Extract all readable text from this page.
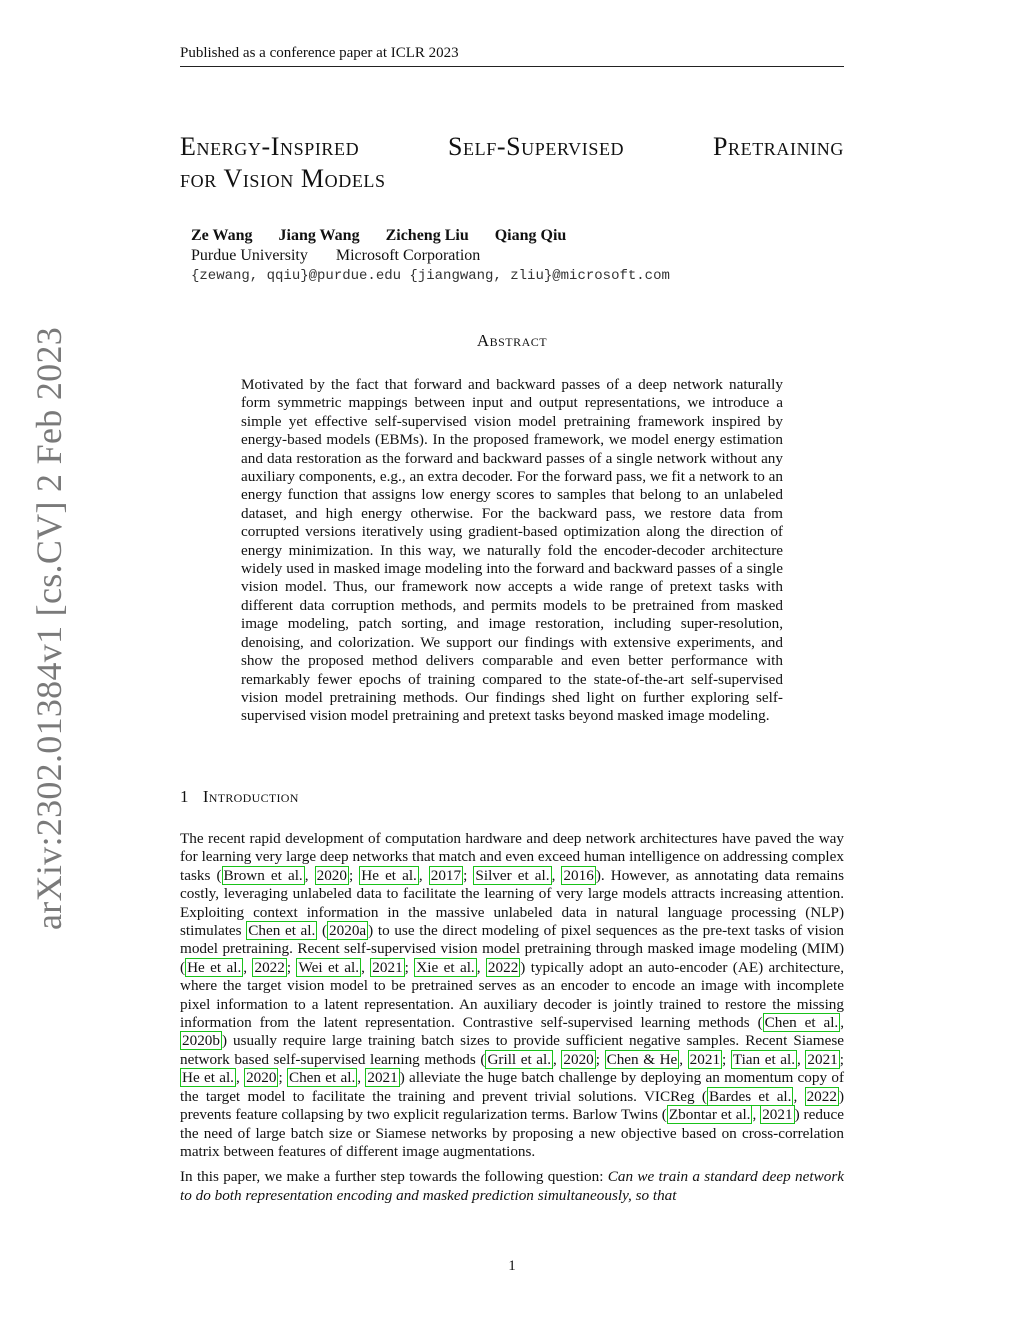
Published as a conference paper at ICLR 2023
arXiv:2302.01384v1 [cs.CV] 2 Feb 2023
Energy-Inspired	Self-Supervised	Pretraining
for Vision Models
Ze Wang Jiang Wang Zicheng Liu Qiang Qiu
Purdue University Microsoft Corporation
{zewang, qqiu}@purdue.edu {jiangwang, zliu}@microsoft.com
Abstract
Motivated by the fact that forward and backward passes of a deep network naturally form symmetric mappings between input and output representations, we introduce a simple yet effective self-supervised vision model pretraining framework inspired by energy-based models (EBMs). In the proposed framework, we model energy estimation and data restoration as the forward and backward passes of a single network without any auxiliary components, e.g., an extra decoder. For the forward pass, we fit a network to an energy function that assigns low energy scores to samples that belong to an unlabeled dataset, and high energy otherwise. For the backward pass, we restore data from corrupted versions iteratively using gradient-based optimization along the direction of energy minimization. In this way, we naturally fold the encoder-decoder architecture widely used in masked image modeling into the forward and backward passes of a single vision model. Thus, our framework now accepts a wide range of pretext tasks with different data corruption methods, and permits models to be pretrained from masked image modeling, patch sorting, and image restoration, including super-resolution, denoising, and colorization. We support our findings with extensive experiments, and show the proposed method delivers comparable and even better performance with remarkably fewer epochs of training compared to the state-of-the-art self-supervised vision model pretraining methods. Our findings shed light on further exploring self-supervised vision model pretraining and pretext tasks beyond masked image modeling.
1 Introduction

The recent rapid development of computation hardware and deep network architectures have paved the way for learning very large deep networks that match and even exceed human intelligence on addressing complex tasks ( Brown et al. , 2020 ; He et al. , 2017 ; Silver et al. , 2016 ). However, as annotating data remains costly, leveraging unlabeled data to facilitate the learning of very large models attracts increasing attention. Exploiting context information in the massive unlabeled data in natural language processing (NLP) stimulates Chen et al. ( 2020a ) to use the direct modeling of pixel sequences as the pre-text tasks of vision model pretraining. Recent self-supervised vision model pretraining through masked image modeling (MIM) ( He et al. , 2022 ; Wei et al. , 2021 ; Xie et al. , 2022 ) typically adopt an auto-encoder (AE) architecture, where the target vision model to be pretrained serves as an encoder to encode an image with incomplete pixel information to a latent representation. An auxiliary decoder is jointly trained to restore the missing information from the latent representation. Contrastive self-supervised learning methods ( Chen et al. , 2020b ) usually require large training batch sizes to provide sufficient negative samples. Recent Siamese network based self-supervised learning methods ( Grill et al. , 2020 ; Chen & He , 2021 ; Tian et al. , 2021 ; He et al. , 2020 ; Chen et al. , 2021 ) alleviate the huge batch challenge by deploying an momentum copy of the target model to facilitate the training and prevent trivial solutions. VICReg ( Bardes et al. , 2022 ) prevents feature collapsing by two explicit regularization terms. Barlow Twins ( Zbontar et al. , 2021 ) reduce the need of large batch size or Siamese networks by proposing a new objective based on cross-correlation matrix between features of different image augmentations.

In this paper, we make a further step towards the following question: Can we train a standard deep network to do both representation encoding and masked prediction simultaneously, so that

1
